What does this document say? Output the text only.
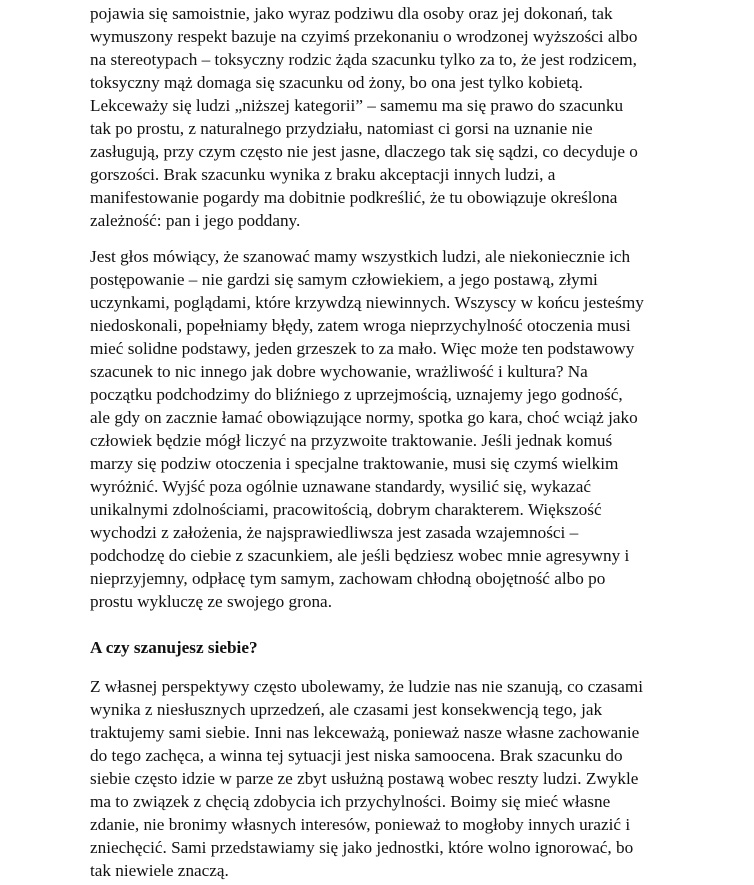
pojawia się samoistnie, jako wyraz podziwu dla osoby oraz jej dokonań, tak
wymuszony respekt bazuje na czyimś przekonaniu o wrodzonej wyższości albo
na stereotypach – toksyczny rodzic żąda szacunku tylko za to, że jest rodzicem,
toksyczny mąż domaga się szacunku od żony, bo ona jest tylko kobietą.
Lekceważy się ludzi „niższej kategorii” – samemu ma się prawo do szacunku
tak po prostu, z naturalnego przydziału, natomiast ci gorsi na uznanie nie
zasługują, przy czym często nie jest jasne, dlaczego tak się sądzi, co decyduje o
gorszości. Brak szacunku wynika z braku akceptacji innych ludzi, a
manifestowanie pogardy ma dobitnie podkreślić, że tu obowiązuje określona
zależność: pan i jego poddany.
Jest głos mówiący, że szanować mamy wszystkich ludzi, ale niekoniecznie ich
postępowanie – nie gardzi się samym człowiekiem, a jego postawą, złymi
uczynkami, poglądami, które krzywdzą niewinnych. Wszyscy w końcu jesteśmy
niedoskonali, popełniamy błędy, zatem wroga nieprzychylność otoczenia musi
mieć solidne podstawy, jeden grzeszek to za mało. Więc może ten podstawowy
szacunek to nic innego jak dobre wychowanie, wrażliwość i kultura? Na
początku podchodzimy do bliźniego z uprzejmością, uznajemy jego godność,
ale gdy on zacznie łamać obowiązujące normy, spotka go kara, choć wciąż jako
człowiek będzie mógł liczyć na przyzwoite traktowanie. Jeśli jednak komuś
marzy się podziw otoczenia i specjalne traktowanie, musi się czymś wielkim
wyróżnić. Wyjść poza ogólnie uznawane standardy, wysilić się, wykazać
unikalnymi zdolnościami, pracowitością, dobrym charakterem. Większość
wychodzi z założenia, że najsprawiedliwsza jest zasada wzajemności –
podchodzę do ciebie z szacunkiem, ale jeśli będziesz wobec mnie agresywny i
nieprzyjemny, odpłacę tym samym, zachowam chłodną obojętność albo po
prostu wykluczę ze swojego grona.
A czy szanujesz siebie?
Z własnej perspektywy często ubolewamy, że ludzie nas nie szanują, co czasami
wynika z niesłusznych uprzedzeń, ale czasami jest konsekwencją tego, jak
traktujemy sami siebie. Inni nas lekceważą, ponieważ nasze własne zachowanie
do tego zachęca, a winna tej sytuacji jest niska samoocena. Brak szacunku do
siebie często idzie w parze ze zbyt usłużną postawą wobec reszty ludzi. Zwykle
ma to związek z chęcią zdobycia ich przychylności. Boimy się mieć własne
zdanie, nie bronimy własnych interesów, ponieważ to mogłoby innych urazić i
zniechęcić. Sami przedstawiamy się jako jednostki, które wolno ignorować, bo
tak niewiele znaczą.
